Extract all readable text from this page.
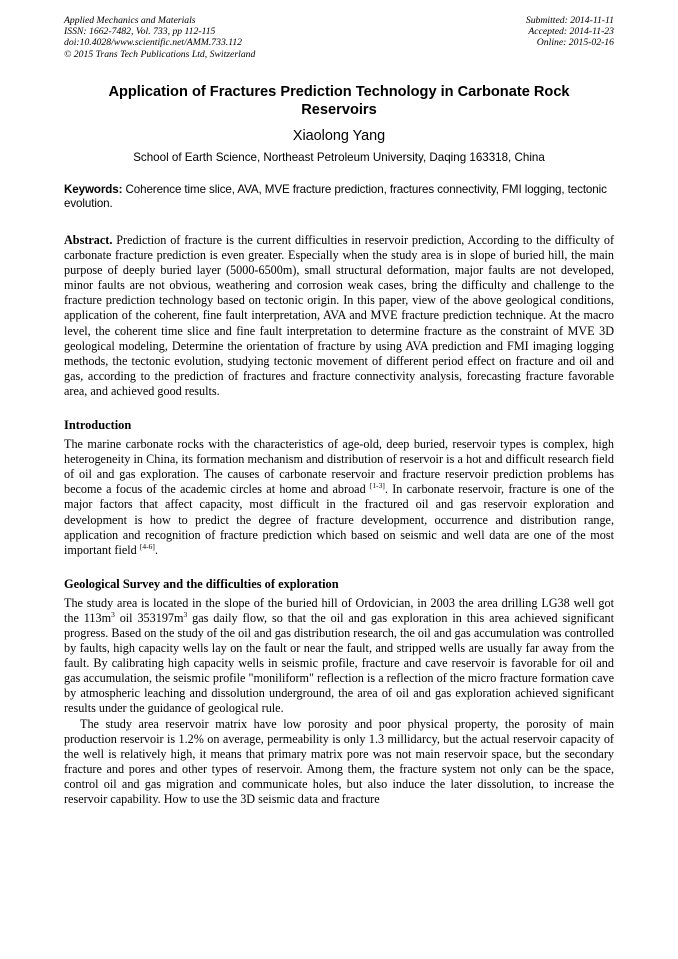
Applied Mechanics and Materials
ISSN: 1662-7482, Vol. 733, pp 112-115
doi:10.4028/www.scientific.net/AMM.733.112
© 2015 Trans Tech Publications Ltd, Switzerland
Submitted: 2014-11-11
Accepted: 2014-11-23
Online: 2015-02-16
Application of Fractures Prediction Technology in Carbonate Rock Reservoirs
Xiaolong Yang
School of Earth Science, Northeast Petroleum University, Daqing 163318, China
Keywords: Coherence time slice, AVA, MVE fracture prediction, fractures connectivity, FMI logging, tectonic evolution.

Abstract. Prediction of fracture is the current difficulties in reservoir prediction, According to the difficulty of carbonate fracture prediction is even greater. Especially when the study area is in slope of buried hill, the main purpose of deeply buried layer (5000-6500m), small structural deformation, major faults are not developed, minor faults are not obvious, weathering and corrosion weak cases, bring the difficulty and challenge to the fracture prediction technology based on tectonic origin. In this paper, view of the above geological conditions, application of the coherent, fine fault interpretation, AVA and MVE fracture prediction technique. At the macro level, the coherent time slice and fine fault interpretation to determine fracture as the constraint of MVE 3D geological modeling, Determine the orientation of fracture by using AVA prediction and FMI imaging logging methods, the tectonic evolution, studying tectonic movement of different period effect on fracture and oil and gas, according to the prediction of fractures and fracture connectivity analysis, forecasting fracture favorable area, and achieved good results.

Introduction

The marine carbonate rocks with the characteristics of age-old, deep buried, reservoir types is complex, high heterogeneity in China, its formation mechanism and distribution of reservoir is a hot and difficult research field of oil and gas exploration. The causes of carbonate reservoir and fracture reservoir prediction problems has become a focus of the academic circles at home and abroad [1-3]. In carbonate reservoir, fracture is one of the major factors that affect capacity, most difficult in the fractured oil and gas reservoir exploration and development is how to predict the degree of fracture development, occurrence and distribution range, application and recognition of fracture prediction which based on seismic and well data are one of the most important field [4-6].

Geological Survey and the difficulties of exploration

The study area is located in the slope of the buried hill of Ordovician, in 2003 the area drilling LG38 well got the $113m^3$ oil $353197m^3$ gas daily flow, so that the oil and gas exploration in this area achieved significant progress. Based on the study of the oil and gas distribution research, the oil and gas accumulation was controlled by faults, high capacity wells lay on the fault or near the fault, and stripped wells are usually far away from the fault. By calibrating high capacity wells in seismic profile, fracture and cave reservoir is favorable for oil and gas accumulation, the seismic profile "moniliform" reflection is a reflection of the micro fracture formation cave by atmospheric leaching and dissolution underground, the area of oil and gas exploration achieved significant results under the guidance of geological rule.

The study area reservoir matrix have low porosity and poor physical property, the porosity of main production reservoir is 1.2% on average, permeability is only 1.3 millidarcy, but the actual reservoir capacity of the well is relatively high, it means that primary matrix pore was not main reservoir space, but the secondary fracture and pores and other types of reservoir. Among them, the fracture system not only can be the space, control oil and gas migration and communicate holes, but also induce the later dissolution, to increase the reservoir capability. How to use the 3D seismic data and fracture
